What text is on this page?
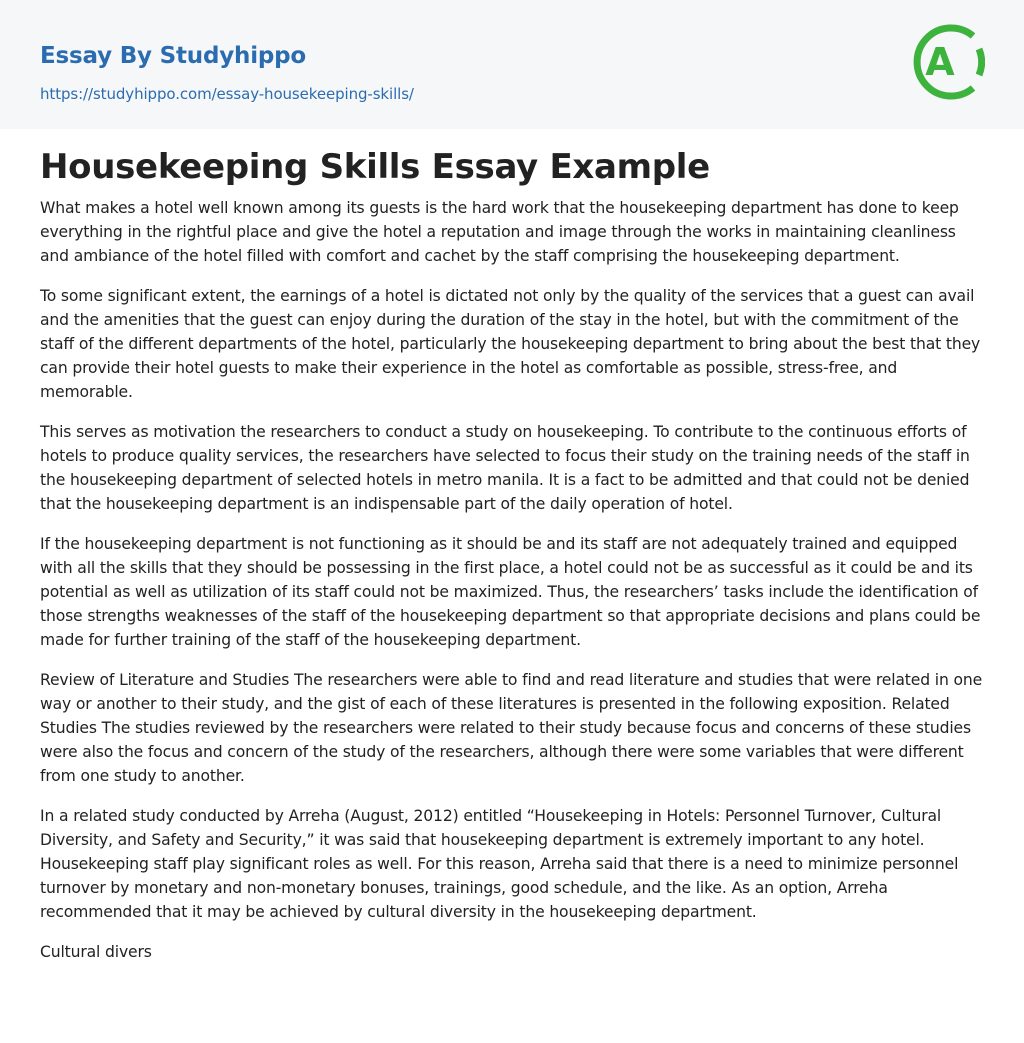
Essay By Studyhippo
https://studyhippo.com/essay-housekeeping-skills/
A
Housekeeping Skills Essay Example

What makes a hotel well known among its guests is the hard work that the housekeeping department has done to keep everything in the rightful place and give the hotel a reputation and image through the works in maintaining cleanliness and ambiance of the hotel filled with comfort and cachet by the staff comprising the housekeeping department.

To some significant extent, the earnings of a hotel is dictated not only by the quality of the services that a guest can avail and the amenities that the guest can enjoy during the duration of the stay in the hotel, but with the commitment of the staff of the different departments of the hotel, particularly the housekeeping department to bring about the best that they can provide their hotel guests to make their experience in the hotel as comfortable as possible, stress-free, and memorable.

This serves as motivation the researchers to conduct a study on housekeeping. To contribute to the continuous efforts of hotels to produce quality services, the researchers have selected to focus their study on the training needs of the staff in the housekeeping department of selected hotels in metro manila. It is a fact to be admitted and that could not be denied that the housekeeping department is an indispensable part of the daily operation of hotel.

If the housekeeping department is not functioning as it should be and its staff are not adequately trained and equipped with all the skills that they should be possessing in the first place, a hotel could not be as successful as it could be and its potential as well as utilization of its staff could not be maximized. Thus, the researchers’ tasks include the identification of those strengths weaknesses of the staff of the housekeeping department so that appropriate decisions and plans could be made for further training of the staff of the housekeeping department.

Review of Literature and Studies The researchers were able to find and read literature and studies that were related in one way or another to their study, and the gist of each of these literatures is presented in the following exposition. Related Studies The studies reviewed by the researchers were related to their study because focus and concerns of these studies were also the focus and concern of the study of the researchers, although there were some variables that were different from one study to another.

In a related study conducted by Arreha (August, 2012) entitled “Housekeeping in Hotels: Personnel Turnover, Cultural Diversity, and Safety and Security,” it was said that housekeeping department is extremely important to any hotel. Housekeeping staff play significant roles as well. For this reason, Arreha said that there is a need to minimize personnel turnover by monetary and non-monetary bonuses, trainings, good schedule, and the like. As an option, Arreha recommended that it may be achieved by cultural diversity in the housekeeping department.

Cultural divers
